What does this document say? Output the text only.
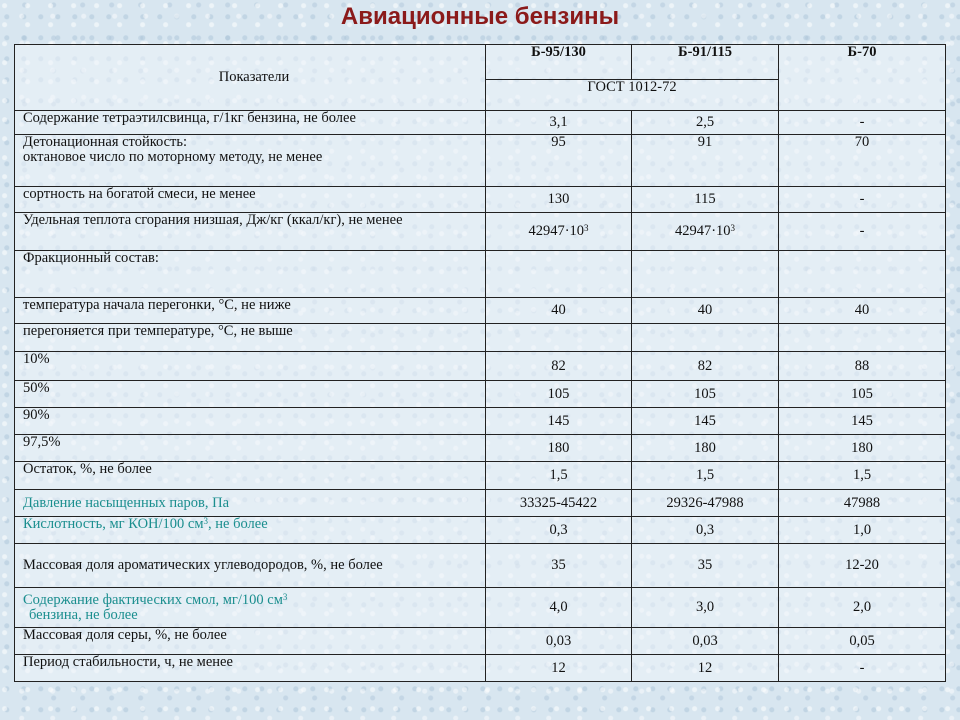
Авиационные бензины
Показатели	Б-95/130	Б-91/115	Б-70
	ГОСТ 1012-72		
Содержание тетраэтилсвинца, г/1кг бензина, не более	3,1	2,5	-

Детонационная стойкость:
октановое число по моторному методу, не менее	95	91	70
сортность на богатой смеси, не менее	130	115	-
Удельная теплота сгорания низшая, Дж/кг (ккал/кг), не менее	$42947\cdot 10^3$	$42947\cdot 10^3$	-
Фракционный состав:			
температура начала перегонки, °С, не ниже	40	40	40
перегоняется при температуре, °С, не выше			
10%	82	82	88
50%	105	105	105
90%	145	145	145
97,5%	180	180	180
Остаток, %, не более	1,5	1,5	1,5
Давление насыщенных паров, Па	33325-45422	29326-47988	47988
Кислотность, мг КОН/100 $см^3$, не более	0,3	0,3	1,0
Массовая доля ароматических углеводородов, %, не более	35	35	12-20

Содержание фактических смол, мг/100 $см^3$
бензина, не более	4,0	3,0	2,0
Массовая доля серы, %, не более	0,03	0,03	0,05
Период стабильности, ч, не менее	12	12	-
